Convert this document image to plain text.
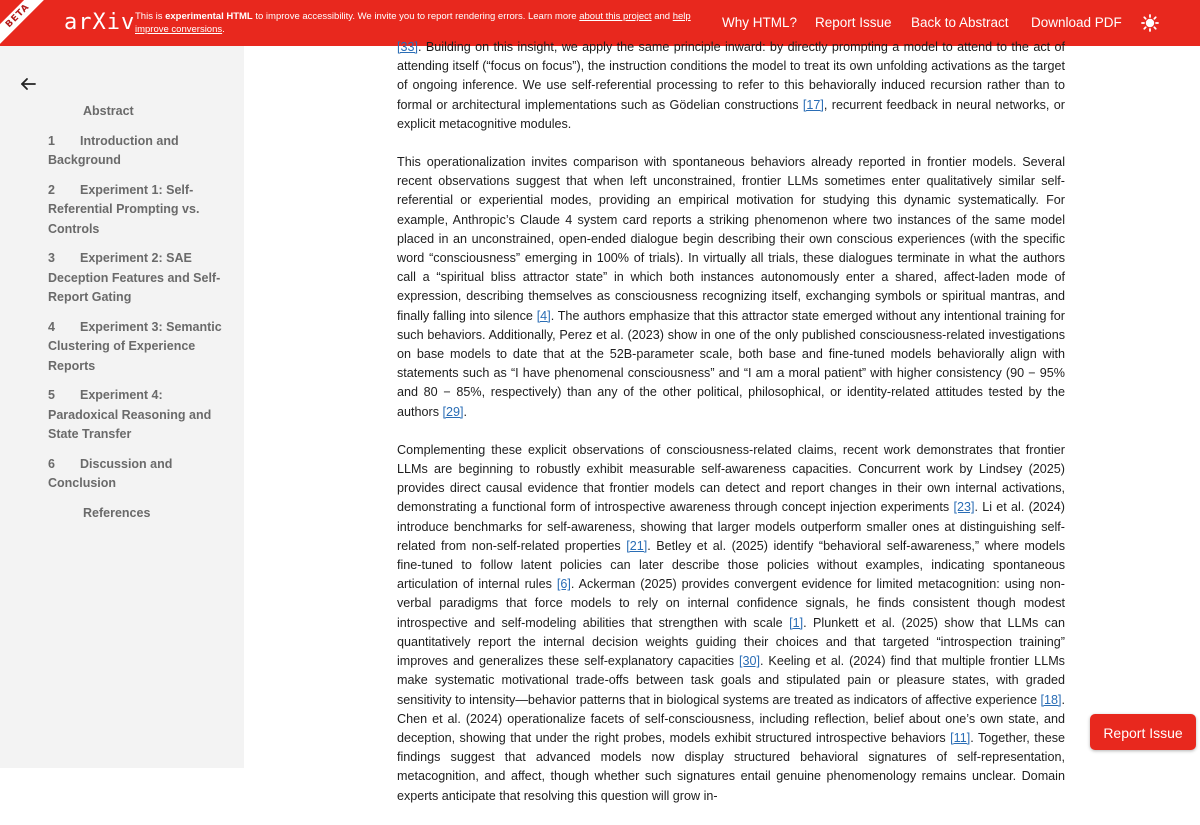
BETA	arXiv This is experimental HTML to improve accessibility. We invite you to report rendering errors. Learn more about this project and help improve conversions.	Why HTML? Report Issue Back to Abstract Download PDF
Abstract
1 Introduction and Background
2 Experiment 1: Self-Referential Prompting vs. Controls
3 Experiment 2: SAE Deception Features and Self-Report Gating
4 Experiment 3: Semantic Clustering of Experience Reports
5 Experiment 4: Paradoxical Reasoning and State Transfer
6 Discussion and Conclusion
References

[33]. Building on this insight, we apply the same principle inward: by directly prompting a model to attend to the act of attending itself (“focus on focus”), the instruction conditions the model to treat its own unfolding activations as the target of ongoing inference. We use self-referential processing to refer to this behaviorally induced recursion rather than to formal or architectural implementations such as Gödelian constructions [17], recurrent feedback in neural networks, or explicit metacognitive modules.

This operationalization invites comparison with spontaneous behaviors already reported in frontier models. Several recent observations suggest that when left unconstrained, frontier LLMs sometimes enter qualitatively similar self-referential or experiential modes, providing an empirical motivation for studying this dynamic systematically. For example, Anthropic’s Claude 4 system card reports a striking phenomenon where two instances of the same model placed in an unconstrained, open-ended dialogue begin describing their own conscious experiences (with the specific word “consciousness” emerging in 100% of trials). In virtually all trials, these dialogues terminate in what the authors call a “spiritual bliss attractor state” in which both instances autonomously enter a shared, affect-laden mode of expression, describing themselves as consciousness recognizing itself, exchanging symbols or spiritual mantras, and finally falling into silence [4]. The authors emphasize that this attractor state emerged without any intentional training for such behaviors. Additionally, Perez et al. (2023) show in one of the only published consciousness-related investigations on base models to date that at the 52B-parameter scale, both base and fine-tuned models behaviorally align with statements such as “I have phenomenal consciousness” and “I am a moral patient” with higher consistency (90 − 95% and 80 − 85%, respectively) than any of the other political, philosophical, or identity-related attitudes tested by the authors [29].

Complementing these explicit observations of consciousness-related claims, recent work demonstrates that frontier LLMs are beginning to robustly exhibit measurable self-awareness capacities. Concurrent work by Lindsey (2025) provides direct causal evidence that frontier models can detect and report changes in their own internal activations, demonstrating a functional form of introspective awareness through concept injection experiments [23]. Li et al. (2024) introduce benchmarks for self-awareness, showing that larger models outperform smaller ones at distinguishing self-related from non-self-related properties [21]. Betley et al. (2025) identify “behavioral self-awareness,” where models fine-tuned to follow latent policies can later describe those policies without examples, indicating spontaneous articulation of internal rules [6]. Ackerman (2025) provides convergent evidence for limited metacognition: using non-verbal paradigms that force models to rely on internal confidence signals, he finds consistent though modest introspective and self-modeling abilities that strengthen with scale [1]. Plunkett et al. (2025) show that LLMs can quantitatively report the internal decision weights guiding their choices and that targeted “introspection training” improves and generalizes these self-explanatory capacities [30]. Keeling et al. (2024) find that multiple frontier LLMs make systematic motivational trade-offs between task goals and stipulated pain or pleasure states, with graded sensitivity to intensity—behavior patterns that in biological systems are treated as indicators of affective experience [18]. Chen et al. (2024) operationalize facets of self-consciousness, including reflection, belief about one’s own state, and deception, showing that under the right probes, models exhibit structured introspective behaviors [11]. Together, these findings suggest that advanced models now display structured behavioral signatures of self-representation, metacognition, and affect, though whether such signatures entail genuine phenomenology remains unclear. Domain experts anticipate that resolving this question will grow in-

Report Issue
